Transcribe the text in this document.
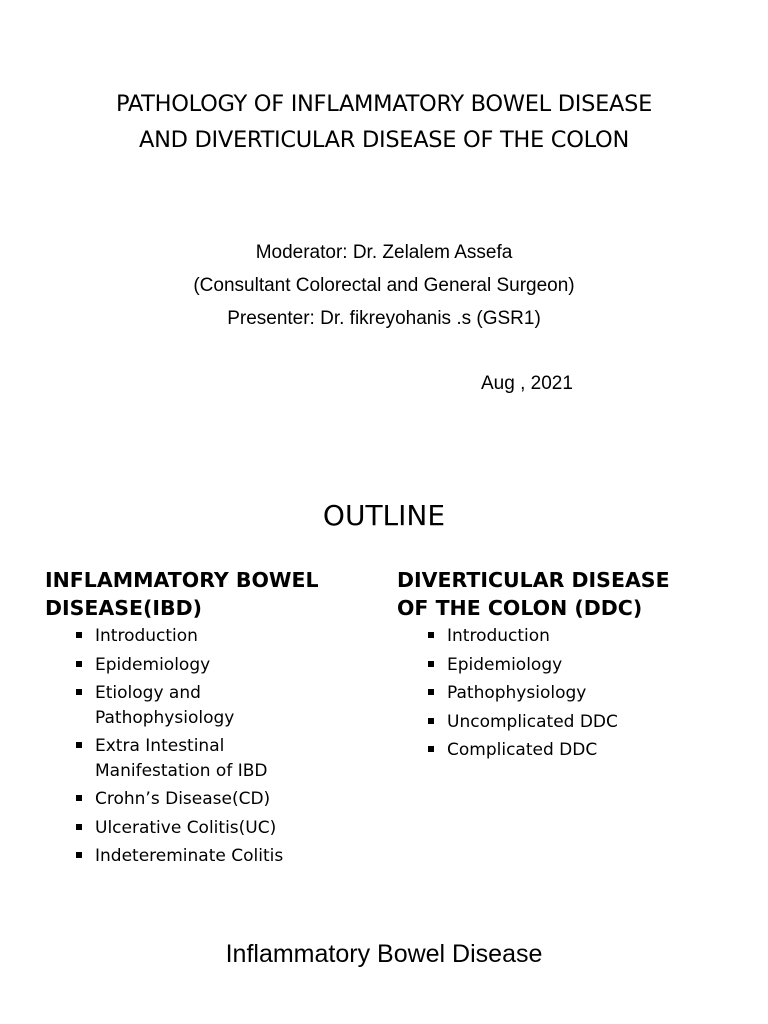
PATHOLOGY OF INFLAMMATORY BOWEL DISEASE
AND DIVERTICULAR DISEASE OF THE COLON
Moderator: Dr. Zelalem Assefa
(Consultant Colorectal and General Surgeon)
Presenter: Dr. fikreyohanis .s (GSR1)
Aug , 2021
OUTLINE
INFLAMMATORY BOWEL
DISEASE(IBD)
Introduction
Epidemiology
Etiology and
Pathophysiology
Extra Intestinal
Manifestation of IBD
Crohn’s Disease(CD)
Ulcerative Colitis(UC)
Indetereminate Colitis
DIVERTICULAR DISEASE
OF THE COLON (DDC)
Introduction
Epidemiology
Pathophysiology
Uncomplicated DDC
Complicated DDC
Inflammatory Bowel Disease
